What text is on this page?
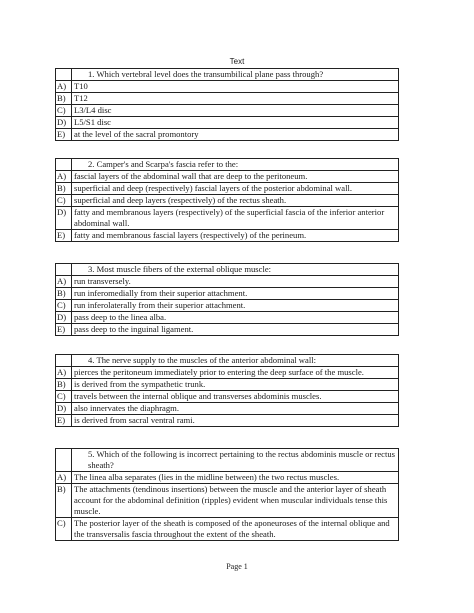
Text
	1. Which vertebral level does the transumbilical plane pass through?
A)	T10
B)	T12
C)	L3/L4 disc
D)	L5/S1 disc
E)	at the level of the sacral promontory
	2. Camper's and Scarpa's fascia refer to the:
A)	fascial layers of the abdominal wall that are deep to the peritoneum.
B)	superficial and deep (respectively) fascial layers of the posterior abdominal wall.
C)	superficial and deep layers (respectively) of the rectus sheath.
D)	fatty and membranous layers (respectively) of the superficial fascia of the inferior anterior abdominal wall.
E)	fatty and membranous fascial layers (respectively) of the perineum.
	3. Most muscle fibers of the external oblique muscle:
A)	run transversely.
B)	run inferomedially from their superior attachment.
C)	run inferolaterally from their superior attachment.
D)	pass deep to the linea alba.
E)	pass deep to the inguinal ligament.
	4. The nerve supply to the muscles of the anterior abdominal wall:
A)	pierces the peritoneum immediately prior to entering the deep surface of the muscle.
B)	is derived from the sympathetic trunk.
C)	travels between the internal oblique and transverses abdominis muscles.
D)	also innervates the diaphragm.
E)	is derived from sacral ventral rami.
	5. Which of the following is incorrect pertaining to the rectus abdominis muscle or rectus sheath?
A)	The linea alba separates (lies in the midline between) the two rectus muscles.
B)	The attachments (tendinous insertions) between the muscle and the anterior layer of sheath account for the abdominal definition (ripples) evident when muscular individuals tense this muscle.
C)	The posterior layer of the sheath is composed of the aponeuroses of the internal oblique and the transversalis fascia throughout the extent of the sheath.
Page 1
